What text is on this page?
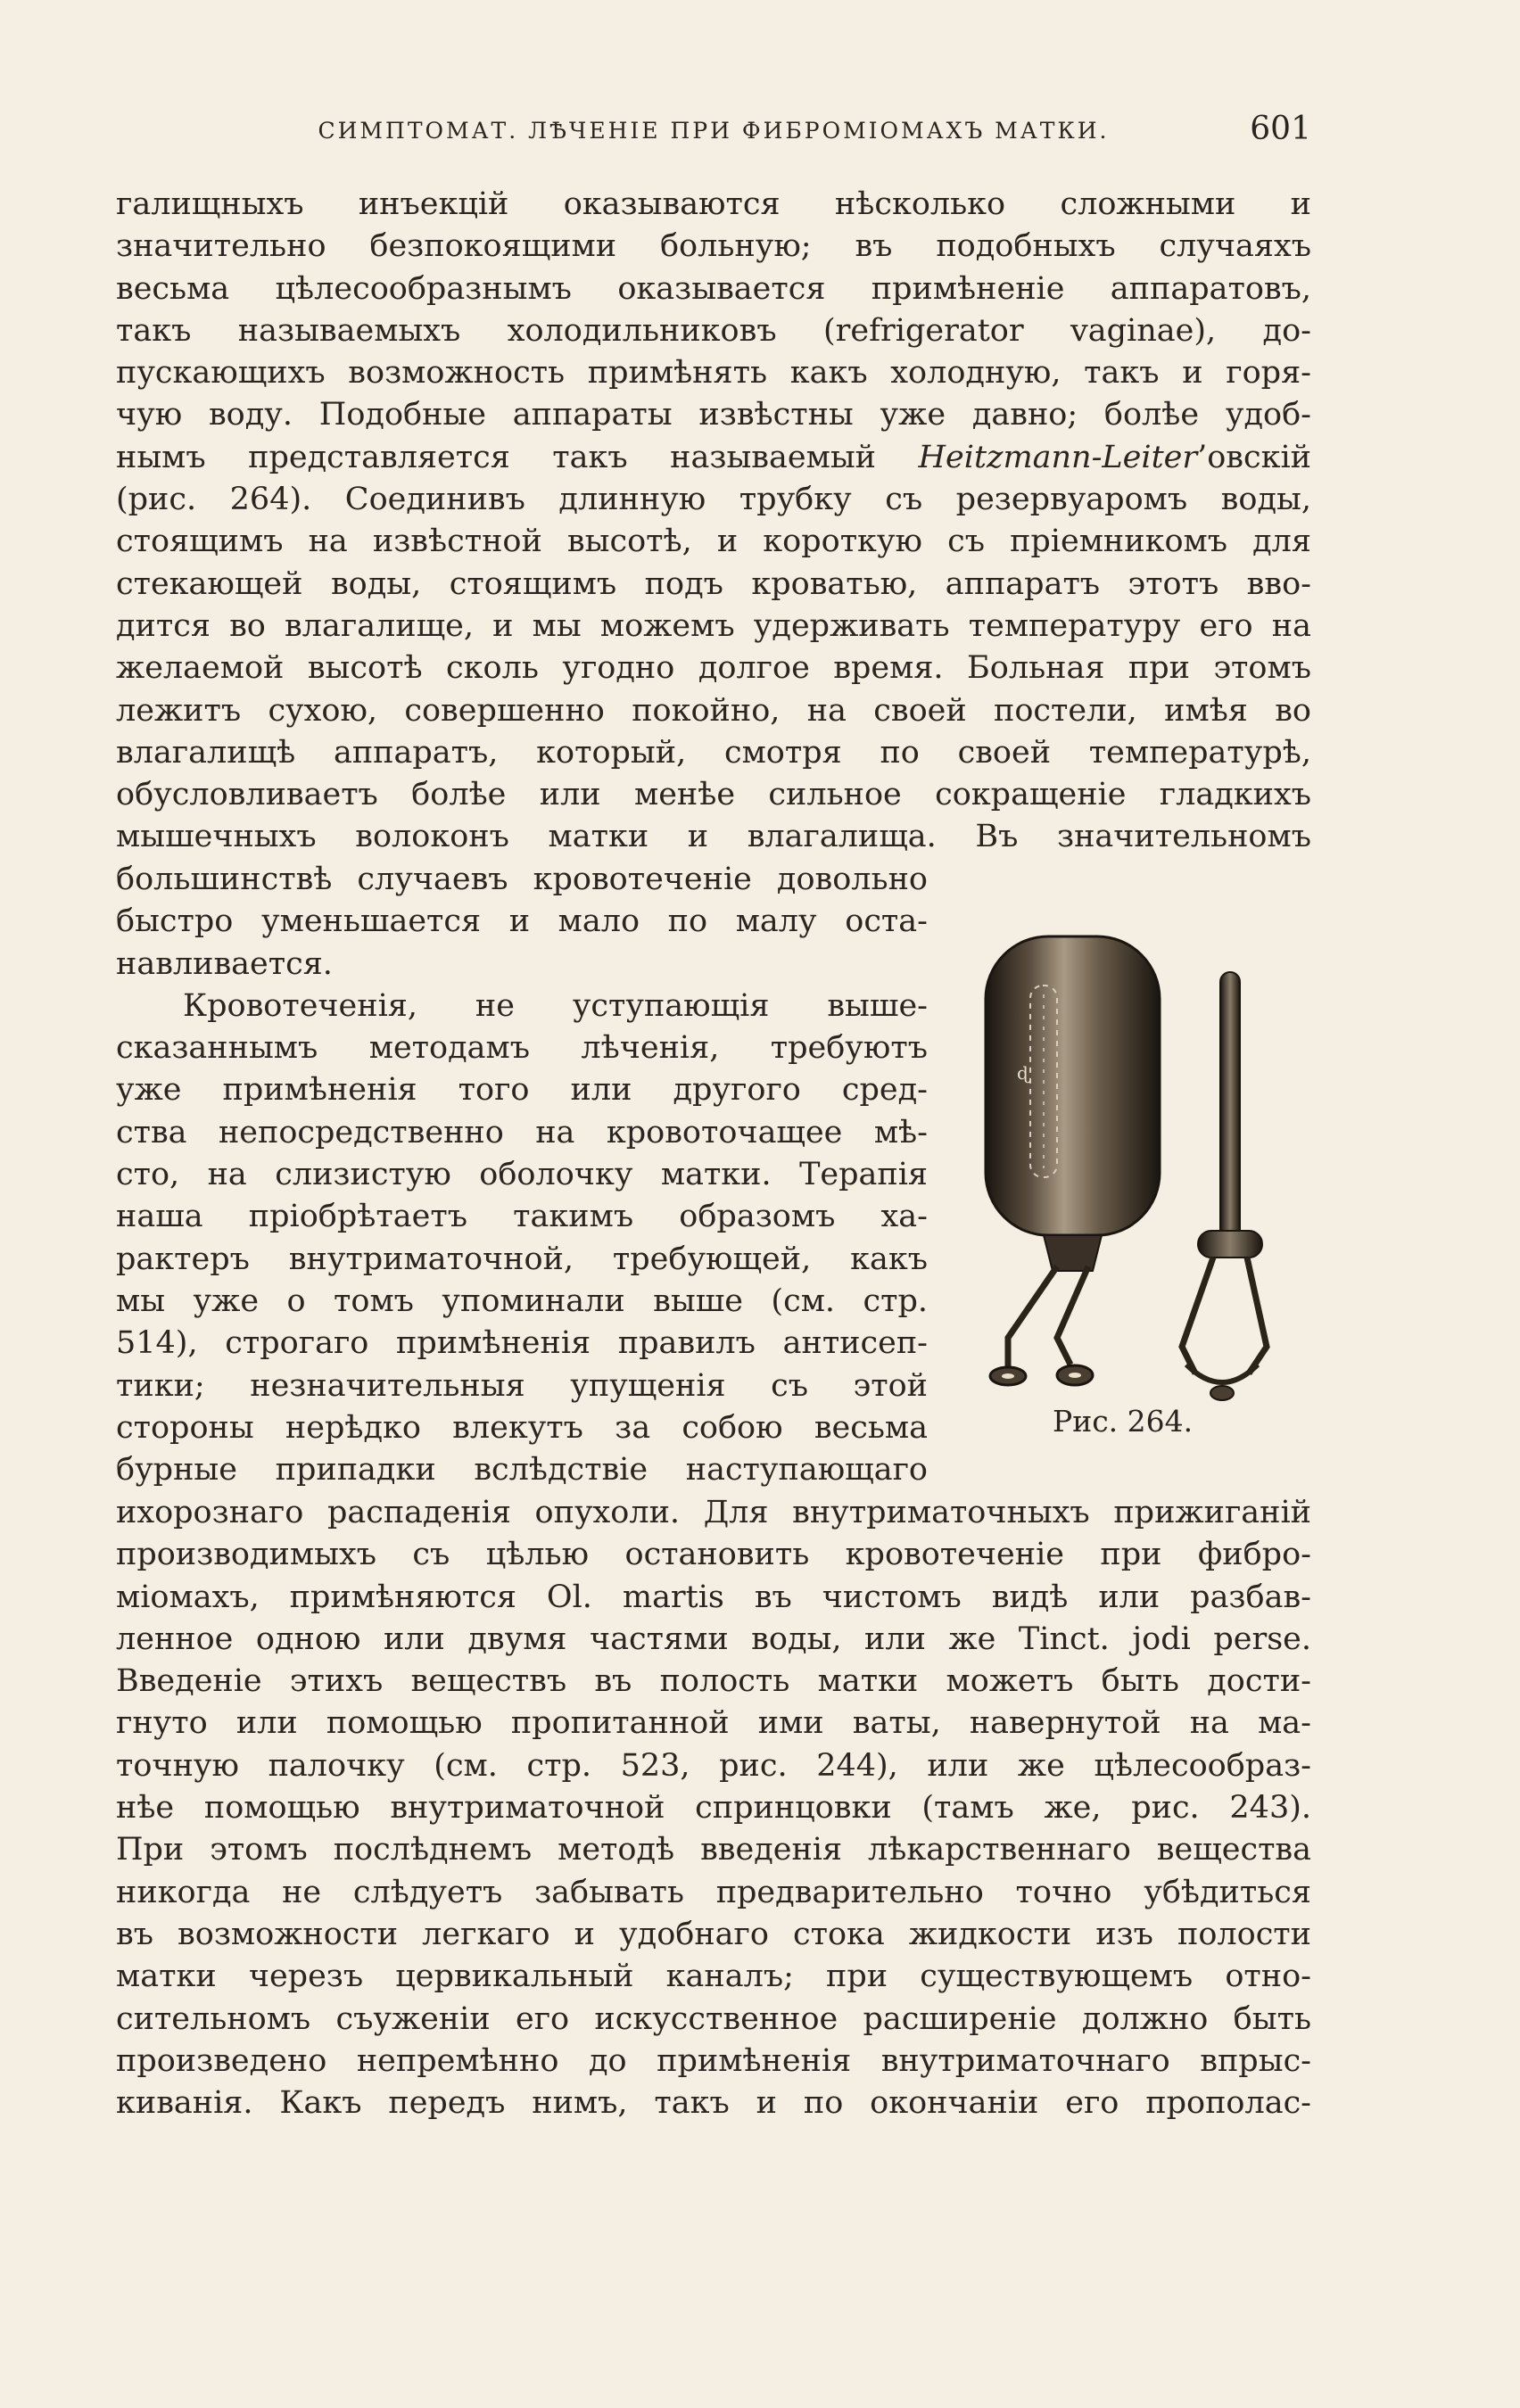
СИМПТОМАТ. ЛѢЧЕНІЕ ПРИ ФИБРОМІОМАХЪ МАТКИ.	601
галищныхъ инъекцій оказываются нѣсколько сложными и
значительно безпокоящими больную; въ подобныхъ случаяхъ
весьма цѣлесообразнымъ оказывается примѣненіе аппаратовъ,
такъ называемыхъ холодильниковъ (refrigerator vaginae), до-
пускающихъ возможность примѣнять какъ холодную, такъ и горя-
чую воду. Подобные аппараты извѣстны уже давно; болѣе удоб-
нымъ представляется такъ называемый Heitzmann-Leiter’овскій
(рис. 264). Соединивъ длинную трубку съ резервуаромъ воды,
стоящимъ на извѣстной высотѣ, и короткую съ пріемникомъ для
стекающей воды, стоящимъ подъ кроватью, аппаратъ этотъ вво-
дится во влагалище, и мы можемъ удерживать температуру его на
желаемой высотѣ сколь угодно долгое время. Больная при этомъ
лежитъ сухою, совершенно покойно, на своей постели, имѣя во
влагалищѣ аппаратъ, который, смотря по своей температурѣ,
обусловливаетъ болѣе или менѣе сильное сокращеніе гладкихъ
мышечныхъ волоконъ матки и влагалища. Въ значительномъ
большинствѣ случаевъ кровотеченіе довольно
быстро уменьшается и мало по малу оста-
навливается.
Кровотеченія, не уступающія выше-
сказаннымъ методамъ лѣченія, требуютъ
уже примѣненія того или другого сред-
ства непосредственно на кровоточащее мѣ-
сто, на слизистую оболочку матки. Терапія
наша пріобрѣтаетъ такимъ образомъ ха-
рактеръ внутриматочной, требующей, какъ
мы уже о томъ упоминали выше (см. стр.
514), строгаго примѣненія правилъ антисеп-
тики; незначительныя упущенія съ этой
стороны нерѣдко влекутъ за собою весьма
бурные припадки вслѣдствіе наступающаго
ɖ
Рис. 264.
ихорознаго распаденія опухоли. Для внутриматочныхъ прижиганій
производимыхъ съ цѣлью остановить кровотеченіе при фибро-
міомахъ, примѣняются Ol. martis въ чистомъ видѣ или разбав-
ленное одною или двумя частями воды, или же Tinct. jodi perse.
Введеніе этихъ веществъ въ полость матки можетъ быть дости-
гнуто или помощью пропитанной ими ваты, навернутой на ма-
точную палочку (см. стр. 523, рис. 244), или же цѣлесообраз-
нѣе помощью внутриматочной спринцовки (тамъ же, рис. 243).
При этомъ послѣднемъ методѣ введенія лѣкарственнаго вещества
никогда не слѣдуетъ забывать предварительно точно убѣдиться
въ возможности легкаго и удобнаго стока жидкости изъ полости
матки черезъ цервикальный каналъ; при существующемъ отно-
сительномъ съуженіи его искусственное расширеніе должно быть
произведено непремѣнно до примѣненія внутриматочнаго впрыс-
киванія. Какъ передъ нимъ, такъ и по окончаніи его прополас-
